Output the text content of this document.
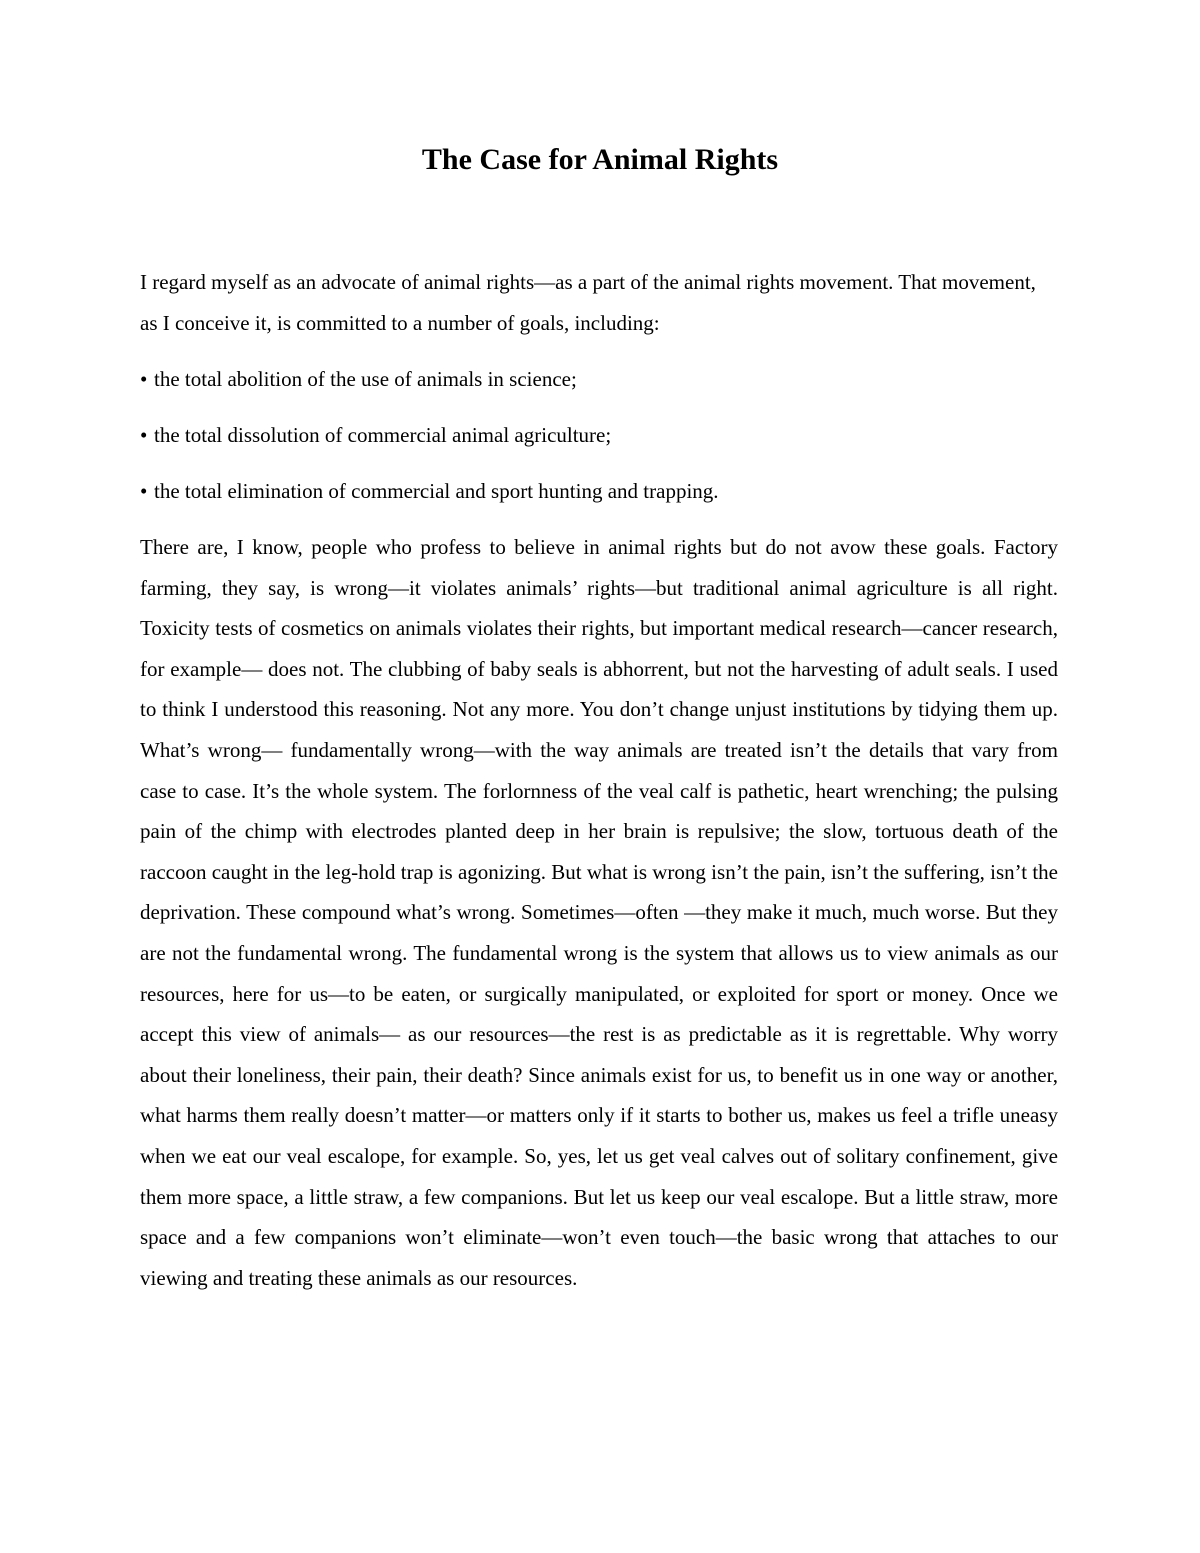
The Case for Animal Rights

I regard myself as an advocate of animal rights—as a part of the animal rights movement. That movement, as I conceive it, is committed to a number of goals, including:

• the total abolition of the use of animals in science;

• the total dissolution of commercial animal agriculture;

• the total elimination of commercial and sport hunting and trapping.

There are, I know, people who profess to believe in animal rights but do not avow these goals. Factory farming, they say, is wrong—it violates animals’ rights—but traditional animal agriculture is all right. Toxicity tests of cosmetics on animals violates their rights, but important medical research—cancer research, for example— does not. The clubbing of baby seals is abhorrent, but not the harvesting of adult seals. I used to think I understood this reasoning. Not any more. You don’t change unjust institutions by tidying them up. What’s wrong— fundamentally wrong—with the way animals are treated isn’t the details that vary from case to case. It’s the whole system. The forlornness of the veal calf is pathetic, heart wrenching; the pulsing pain of the chimp with electrodes planted deep in her brain is repulsive; the slow, tortuous death of the raccoon caught in the leg-hold trap is agonizing. But what is wrong isn’t the pain, isn’t the suffering, isn’t the deprivation. These compound what’s wrong. Sometimes—often —they make it much, much worse. But they are not the fundamental wrong. The fundamental wrong is the system that allows us to view animals as our resources, here for us—to be eaten, or surgically manipulated, or exploited for sport or money. Once we accept this view of animals— as our resources—the rest is as predictable as it is regrettable. Why worry about their loneliness, their pain, their death? Since animals exist for us, to benefit us in one way or another, what harms them really doesn’t matter—or matters only if it starts to bother us, makes us feel a trifle uneasy when we eat our veal escalope, for example. So, yes, let us get veal calves out of solitary confinement, give them more space, a little straw, a few companions. But let us keep our veal escalope. But a little straw, more space and a few companions won’t eliminate—won’t even touch—the basic wrong that attaches to our viewing and treating these animals as our resources.
